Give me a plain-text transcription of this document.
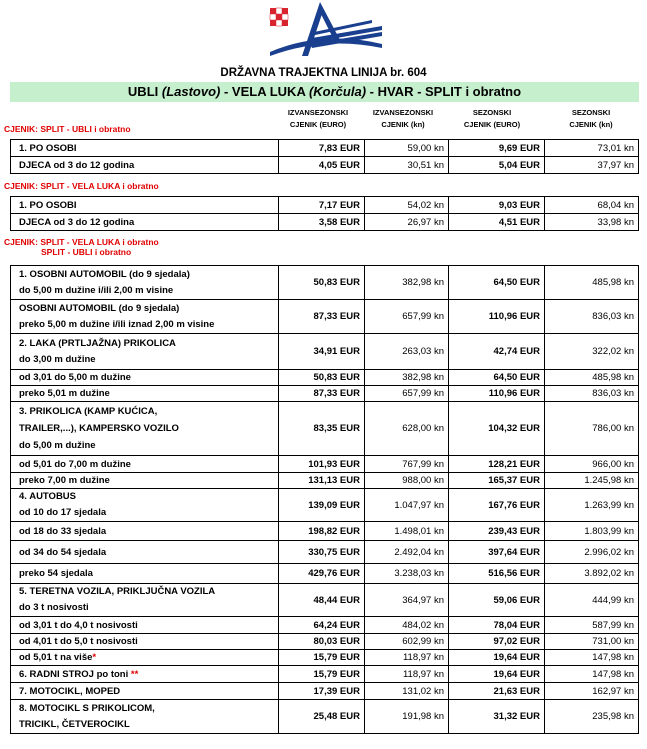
DRŽAVNA TRAJEKTNA LINIJA br. 604
UBLI (Lastovo) - VELA LUKA (Korčula) - HVAR - SPLIT i obratno
IZVANSEZONSKI
CJENIK (EURO)
IZVANSEZONSKI
CJENIK (kn)
SEZONSKI
CJENIK (EURO)
SEZONSKI
CJENIK (kn)
CJENIK: SPLIT - UBLI i obratno
1. PO OSOBI	7,83 EUR	59,00 kn	9,69 EUR	73,01 kn
DJECA od 3 do 12 godina	4,05 EUR	30,51 kn	5,04 EUR	37,97 kn
CJENIK: SPLIT - VELA LUKA i obratno
1. PO OSOBI	7,17 EUR	54,02 kn	9,03 EUR	68,04 kn
DJECA od 3 do 12 godina	3,58 EUR	26,97 kn	4,51 EUR	33,98 kn
CJENIK: SPLIT - VELA LUKA i obratno
SPLIT - UBLI i obratno
1. OSOBNI AUTOMOBIL (do 9 sjedala)
do 5,00 m dužine i/ili 2,00 m visine	50,83 EUR	382,98 kn	64,50 EUR	485,98 kn

OSOBNI AUTOMOBIL (do 9 sjedala)
preko 5,00 m dužine i/ili iznad 2,00 m visine	87,33 EUR	657,99 kn	110,96 EUR	836,03 kn

2. LAKA (PRTLJAŽNA) PRIKOLICA
do 3,00 m dužine	34,91 EUR	263,03 kn	42,74 EUR	322,02 kn
od 3,01 do 5,00 m dužine	50,83 EUR	382,98 kn	64,50 EUR	485,98 kn
preko 5,01 m dužine	87,33 EUR	657,99 kn	110,96 EUR	836,03 kn

3. PRIKOLICA (KAMP KUĆICA,
TRAILER,...), KAMPERSKO VOZILO
do 5,00 m dužine	83,35 EUR	628,00 kn	104,32 EUR	786,00 kn
od 5,01 do 7,00 m dužine	101,93 EUR	767,99 kn	128,21 EUR	966,00 kn
preko 7,00 m dužine	131,13 EUR	988,00 kn	165,37 EUR	1.245,98 kn

4. AUTOBUS
od 10 do 17 sjedala	139,09 EUR	1.047,97 kn	167,76 EUR	1.263,99 kn
od 18 do 33 sjedala	198,82 EUR	1.498,01 kn	239,43 EUR	1.803,99 kn
od 34 do 54 sjedala	330,75 EUR	2.492,04 kn	397,64 EUR	2.996,02 kn
preko 54 sjedala	429,76 EUR	3.238,03 kn	516,56 EUR	3.892,02 kn

5. TERETNA VOZILA, PRIKLJUČNA VOZILA
do 3 t nosivosti	48,44 EUR	364,97 kn	59,06 EUR	444,99 kn
od 3,01 t do 4,0 t nosivosti	64,24 EUR	484,02 kn	78,04 EUR	587,99 kn
od 4,01 t do 5,0 t nosivosti	80,03 EUR	602,99 kn	97,02 EUR	731,00 kn
od 5,01 t na više*	15,79 EUR	118,97 kn	19,64 EUR	147,98 kn
6. RADNI STROJ po toni **	15,79 EUR	118,97 kn	19,64 EUR	147,98 kn
7. MOTOCIKL, MOPED	17,39 EUR	131,02 kn	21,63 EUR	162,97 kn

8. MOTOCIKL S PRIKOLICOM,
TRICIKL, ČETVEROCIKL	25,48 EUR	191,98 kn	31,32 EUR	235,98 kn
